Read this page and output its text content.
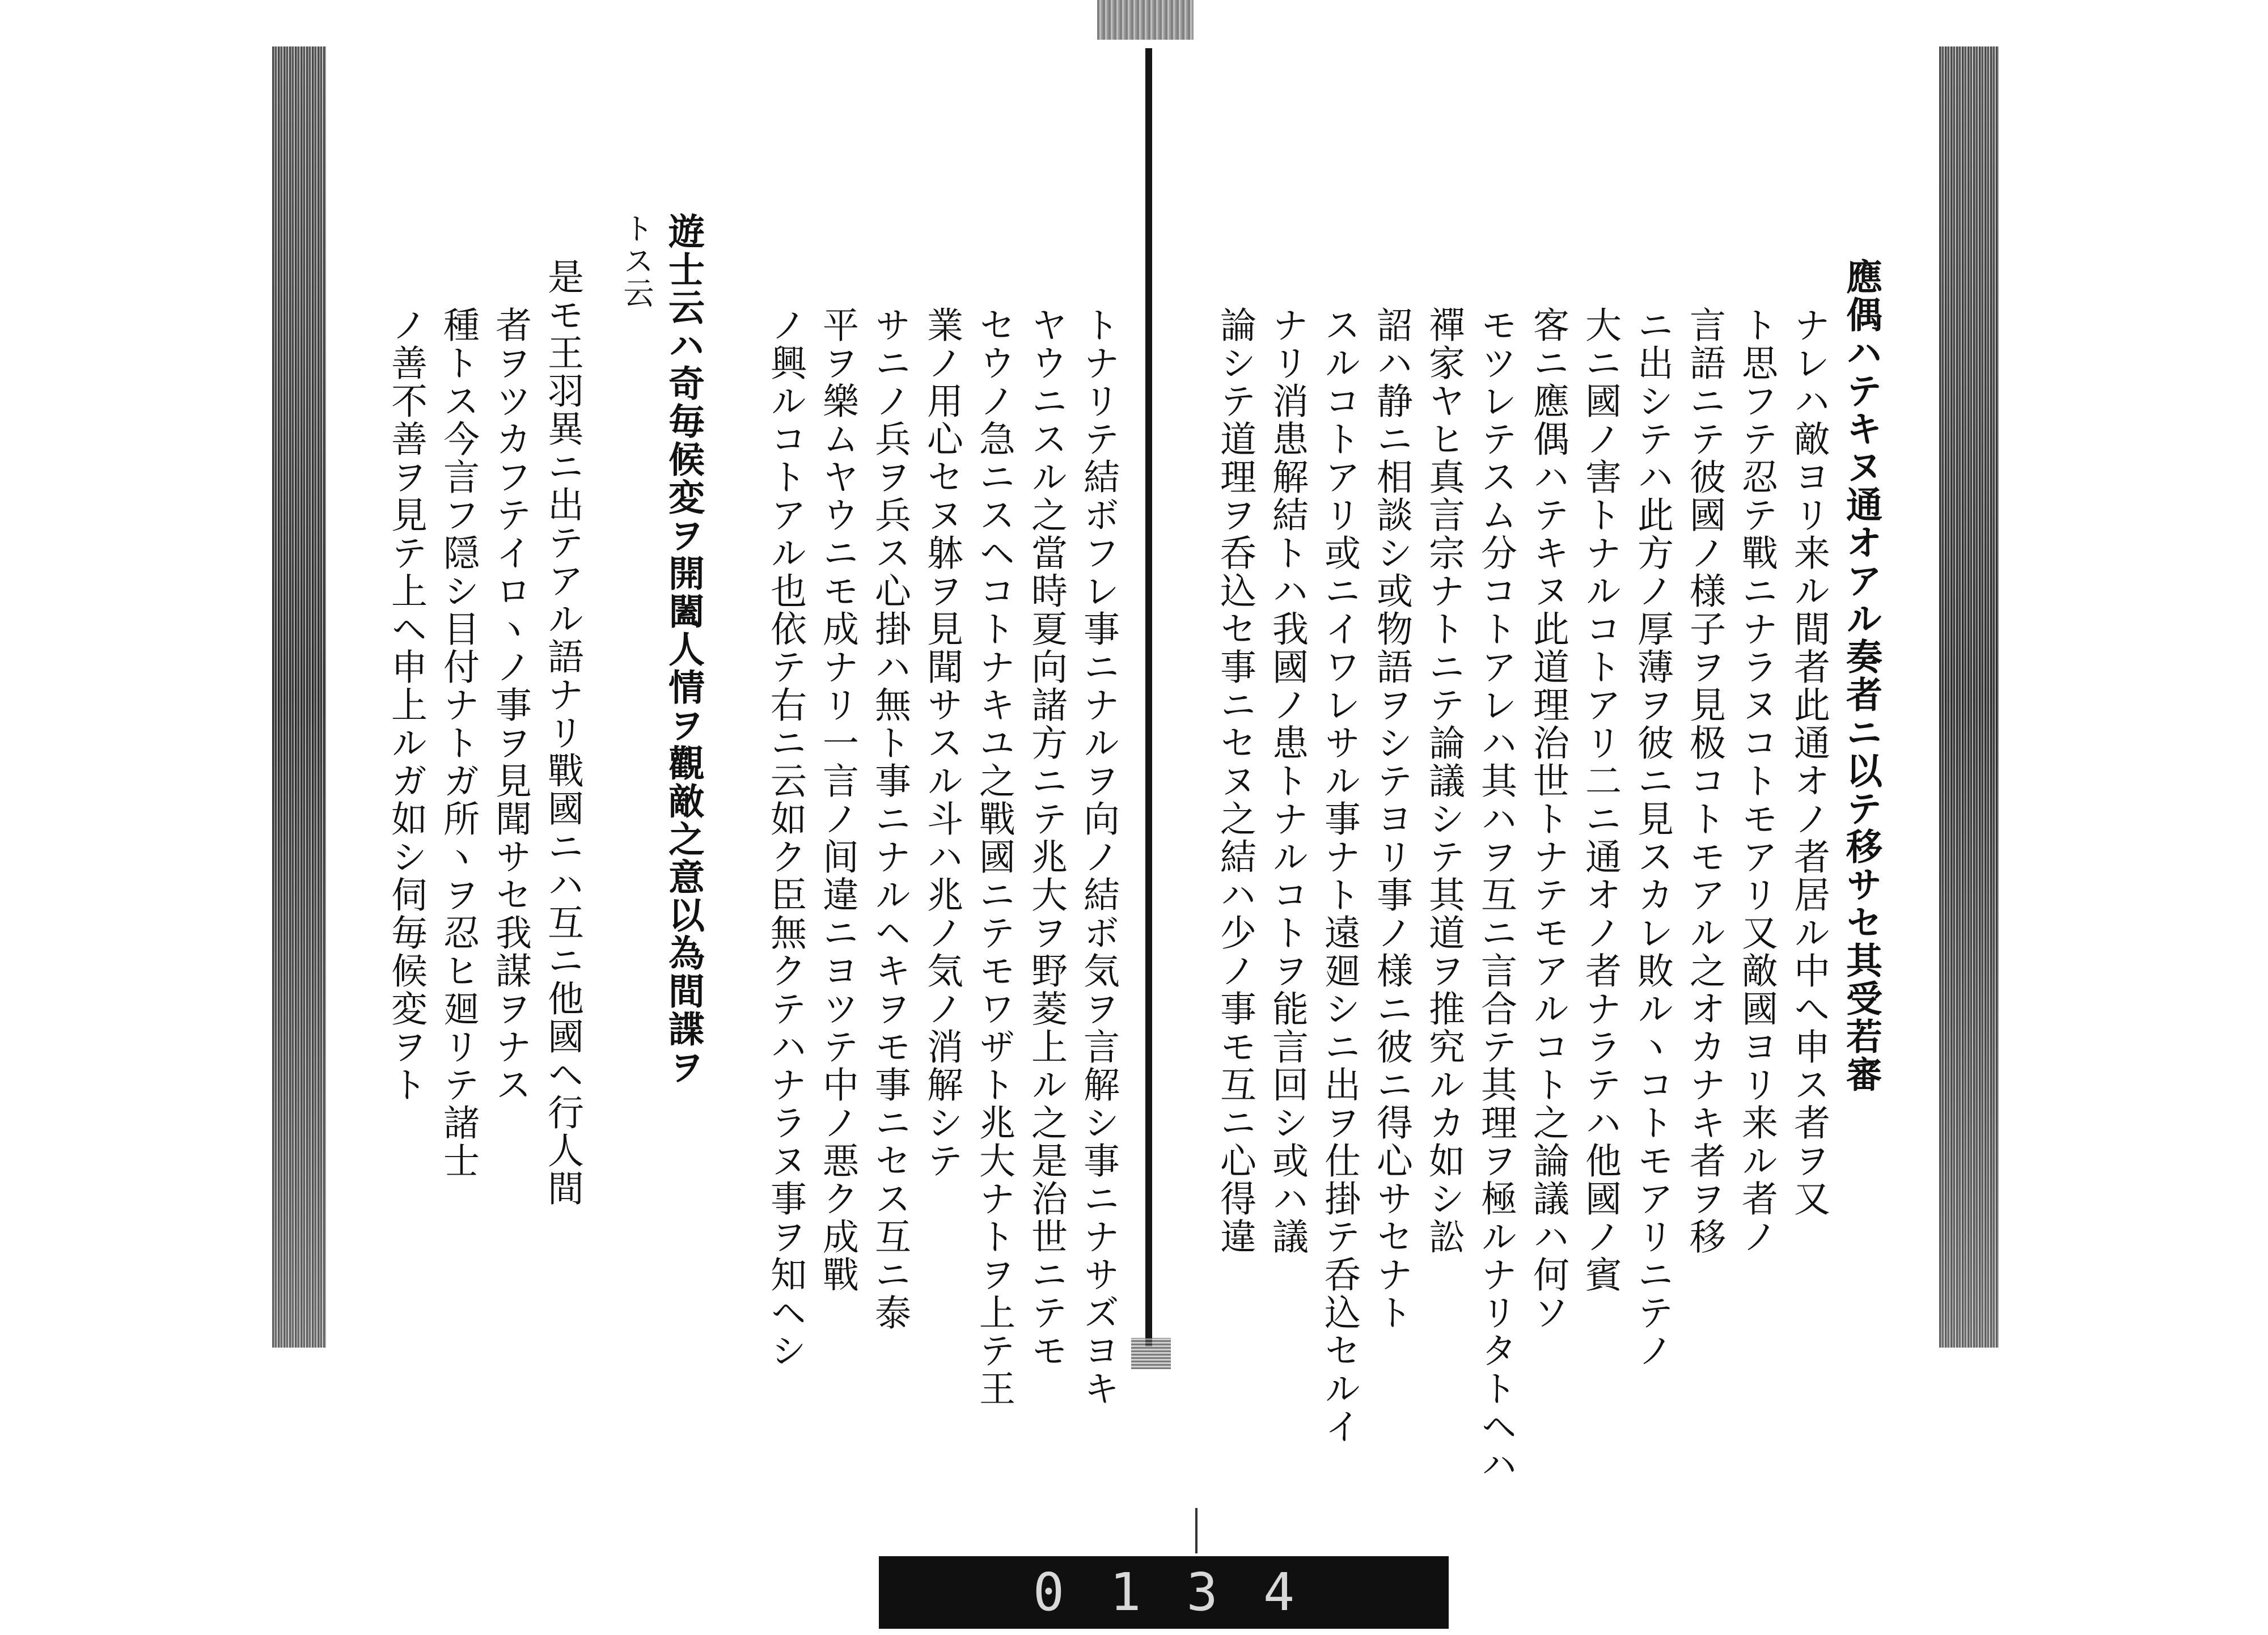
應偶ハテキヌ通オアル奏者ニ以テ移サセ其受若審
ナレハ敵ヨリ来ル間者此通オノ者居ル中へ申ス者ヲ又
ト思フテ忍テ戰ニナラヌコトモアリ又敵國ヨリ来ル者ノ
言語ニテ彼國ノ様子ヲ見极コトモアル之オカナキ者ヲ移
ニ出シテハ此方ノ厚薄ヲ彼ニ見スカレ敗ルヽコトモアリニテノ
大ニ國ノ害トナルコトアリ二ニ通オノ者ナラテハ他國ノ賓
客ニ應偶ハテキヌ此道理治世トナテモアルコト之論議ハ何ソ
モツレテスム分コトアレハ其ハヲ互ニ言合テ其理ヲ極ルナリタトヘハ
禪家ヤヒ真言宗ナトニテ論議シテ其道ヲ推究ルカ如シ訟
詔ハ静ニ相談シ或物語ヲシテヨリ事ノ様ニ彼ニ得心サセナト
スルコトアリ或ニイワレサル事ナト遠廻シニ出ヲ仕掛テ呑込セルイ
ナリ消患解結トハ我國ノ患トナルコトヲ能言回シ或ハ議
論シテ道理ヲ呑込セ事ニセヌ之結ハ少ノ事モ互ニ心得違
トナリテ結ボフレ事ニナルヲ向ノ結ボ気ヲ言解シ事ニナサズヨキ
ヤウニスル之當時夏向諸方ニテ兆大ヲ野菱上ル之是治世ニテモ
セウノ急ニスヘコトナキユ之戰國ニテモワザト兆大ナトヲ上テ王
業ノ用心セヌ躰ヲ見聞サスル斗ハ兆ノ気ノ消解シテ
サニノ兵ヲ兵ス心掛ハ無ト事ニナルヘキヲモ事ニセス互ニ泰
平ヲ樂ムヤウニモ成ナリ一言ノ间違ニヨツテ中ノ悪ク成戰
ノ興ルコトアル也依テ右ニ云如ク臣無クテハナラヌ事ヲ知ヘシ
遊士云ハ奇毎候変ヲ開闔人情ヲ觀敵之意以為間諜ヲ
トス云
是モ王羽異ニ出テアル語ナリ戰國ニハ互ニ他國ヘ行人間
者ヲツカフテイロヽノ事ヲ見聞サセ我謀ヲナス
種トス今言フ隠シ目付ナトガ所ヽヲ忍ヒ廻リテ諸士
ノ善不善ヲ見テ上ヘ申上ルガ如シ伺毎候変ヲト
0134
